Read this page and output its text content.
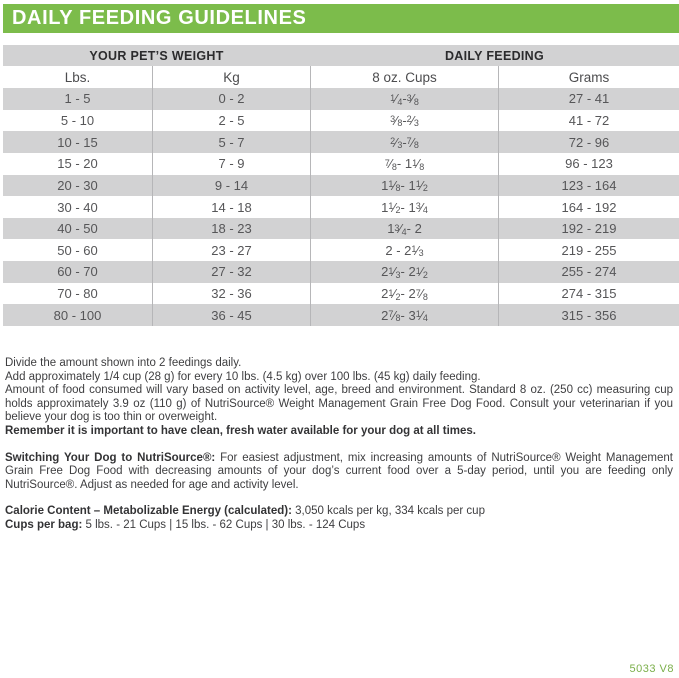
DAILY FEEDING GUIDELINES
YOUR PET’S WEIGHT	DAILY FEEDING
Lbs.	Kg	8 oz. Cups	Grams
1 - 5	0 - 2	$^1$ $⁄_4 - ^3$ $⁄_8$	27 - 41
5 - 10	2 - 5	$^3$ $⁄_8 - ^2$ $⁄_3$	41 - 72
10 - 15	5 - 7	$^2$ $⁄_3 - ^7$ $⁄_8$	72 - 96
15 - 20	7 - 9	$^7$ $⁄_8 - 1$ $^1$ $⁄_8$	96 - 123
20 - 30	9 - 14	1 $^1$ $⁄_8 - 1$ $^1$ $⁄_2$	123 - 164
30 - 40	14 - 18	1 $^1$ $⁄_2 - 1$ $^3$ $⁄_4$	164 - 192
40 - 50	18 - 23	1 $^3$ $⁄_4 - 2$	192 - 219
50 - 60	23 - 27	2 - 2 $^1$ $⁄_3$	219 - 255
60 - 70	27 - 32	2 $^1$ $⁄_3 - 2$ $^1$ $⁄_2$	255 - 274
70 - 80	32 - 36	2 $^1$ $⁄_2 - 2$ $^7$ $⁄_8$	274 - 315
80 - 100	36 - 45	2 $^7$ $⁄_8 - 3$ $^1$ $⁄_4$	315 - 356
Divide the amount shown into 2 feedings daily.
Add approximately 1/4 cup (28 g) for every 10 lbs. (4.5 kg) over 100 lbs. (45 kg) daily feeding.
Amount of food consumed will vary based on activity level, age, breed and environment. Standard 8 oz. (250 cc) measuring cup holds approximately 3.9 oz (110 g) of NutriSource® Weight Management Grain Free Dog Food. Consult your veterinarian if you believe your dog is too thin or overweight.
Remember it is important to have clean, fresh water available for your dog at all times.
Switching Your Dog to NutriSource®: For easiest adjustment, mix increasing amounts of NutriSource® Weight Management Grain Free Dog Food with decreasing amounts of your dog’s current food over a 5-day period, until you are feeding only NutriSource®. Adjust as needed for age and activity level.
Calorie Content – Metabolizable Energy (calculated): 3,050 kcals per kg, 334 kcals per cup
Cups per bag: 5 lbs. - 21 Cups | 15 lbs. - 62 Cups | 30 lbs. - 124 Cups
5033 V8
